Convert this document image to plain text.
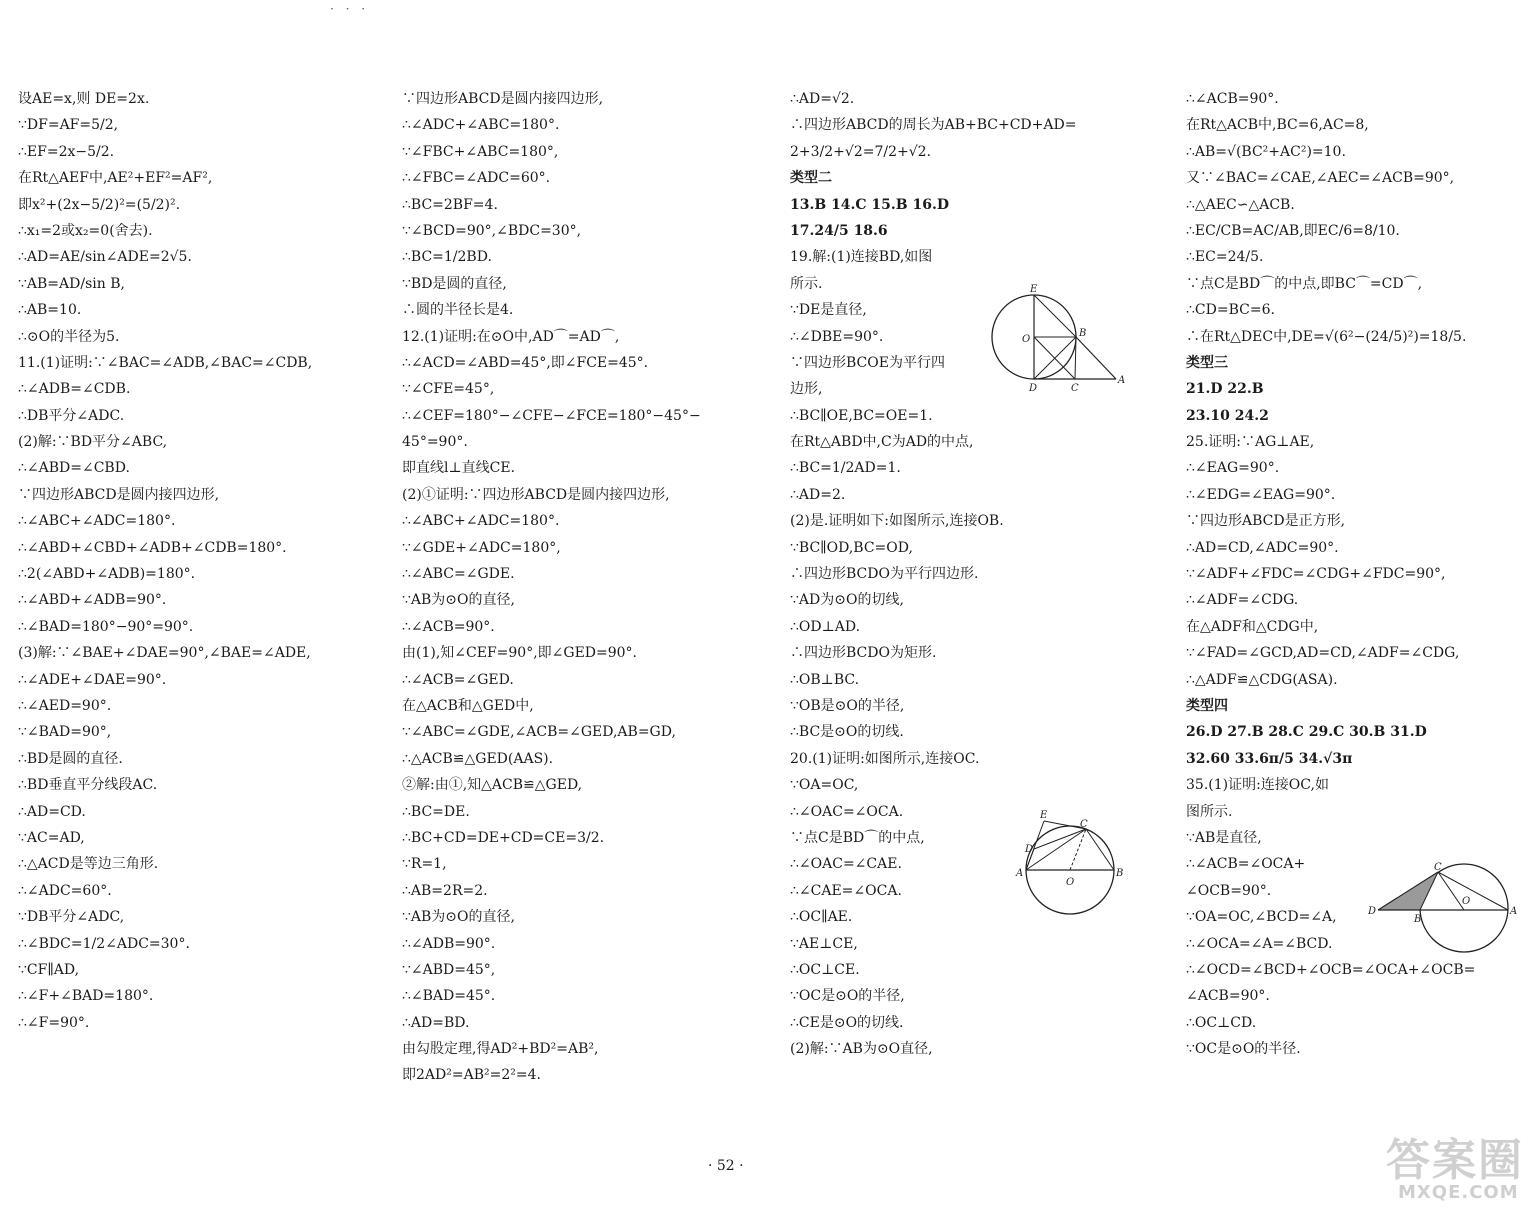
· · ·
设AE=x,则 DE=2x.
∵DF=AF=5/2,
∴EF=2x−5/2.
在Rt△AEF中,AE²+EF²=AF²,
即x²+(2x−5/2)²=(5/2)².
∴x₁=2或x₂=0(舍去).
∴AD=AE/sin∠ADE=2√5.
∵AB=AD/sin B,
∴AB=10.
∴⊙O的半径为5.
11.(1)证明:∵∠BAC=∠ADB,∠BAC=∠CDB,
∴∠ADB=∠CDB.
∴DB平分∠ADC.
(2)解:∵BD平分∠ABC,
∴∠ABD=∠CBD.
∵四边形ABCD是圆内接四边形,
∴∠ABC+∠ADC=180°.
∴∠ABD+∠CBD+∠ADB+∠CDB=180°.
∴2(∠ABD+∠ADB)=180°.
∴∠ABD+∠ADB=90°.
∴∠BAD=180°−90°=90°.
(3)解:∵∠BAE+∠DAE=90°,∠BAE=∠ADE,
∴∠ADE+∠DAE=90°.
∴∠AED=90°.
∵∠BAD=90°,
∴BD是圆的直径.
∴BD垂直平分线段AC.
∴AD=CD.
∵AC=AD,
∴△ACD是等边三角形.
∴∠ADC=60°.
∵DB平分∠ADC,
∴∠BDC=1/2∠ADC=30°.
∵CF∥AD,
∴∠F+∠BAD=180°.
∴∠F=90°.
∵四边形ABCD是圆内接四边形,
∴∠ADC+∠ABC=180°.
∵∠FBC+∠ABC=180°,
∴∠FBC=∠ADC=60°.
∴BC=2BF=4.
∵∠BCD=90°,∠BDC=30°,
∴BC=1/2BD.
∵BD是圆的直径,
∴圆的半径长是4.
12.(1)证明:在⊙O中,AD⌒=AD⌒,
∴∠ACD=∠ABD=45°,即∠FCE=45°.
∵∠CFE=45°,
∴∠CEF=180°−∠CFE−∠FCE=180°−45°−
45°=90°.
即直线l⊥直线CE.
(2)①证明:∵四边形ABCD是圆内接四边形,
∴∠ABC+∠ADC=180°.
∵∠GDE+∠ADC=180°,
∴∠ABC=∠GDE.
∵AB为⊙O的直径,
∴∠ACB=90°.
由(1),知∠CEF=90°,即∠GED=90°.
∴∠ACB=∠GED.
在△ACB和△GED中,
∵∠ABC=∠GDE,∠ACB=∠GED,AB=GD,
∴△ACB≌△GED(AAS).
②解:由①,知△ACB≌△GED,
∴BC=DE.
∴BC+CD=DE+CD=CE=3/2.
∵R=1,
∴AB=2R=2.
∵AB为⊙O的直径,
∴∠ADB=90°.
∵∠ABD=45°,
∴∠BAD=45°.
∴AD=BD.
由勾股定理,得AD²+BD²=AB²,
即2AD²=AB²=2²=4.
∴AD=√2.
∴四边形ABCD的周长为AB+BC+CD+AD=
2+3/2+√2=7/2+√2.
类型二
13.B 14.C 15.B 16.D
17.24/5 18.6
19.解:(1)连接BD,如图
所示.
∵DE是直径,
∴∠DBE=90°.
∵四边形BCOE为平行四
边形,
∴BC∥OE,BC=OE=1.
在Rt△ABD中,C为AD的中点,
∴BC=1/2AD=1.
∴AD=2.
(2)是.证明如下:如图所示,连接OB.
∵BC∥OD,BC=OD,
∴四边形BCDO为平行四边形.
∵AD为⊙O的切线,
∴OD⊥AD.
∴四边形BCDO为矩形.
∴OB⊥BC.
∵OB是⊙O的半径,
∴BC是⊙O的切线.
20.(1)证明:如图所示,连接OC.
∵OA=OC,
∴∠OAC=∠OCA.
∵点C是BD⌒的中点,
∴∠OAC=∠CAE.
∴∠CAE=∠OCA.
∴OC∥AE.
∵AE⊥CE,
∴OC⊥CE.
∵OC是⊙O的半径,
∴CE是⊙O的切线.
(2)解:∵AB为⊙O直径,
∴∠ACB=90°.
在Rt△ACB中,BC=6,AC=8,
∴AB=√(BC²+AC²)=10.
又∵∠BAC=∠CAE,∠AEC=∠ACB=90°,
∴△AEC∽△ACB.
∴EC/CB=AC/AB,即EC/6=8/10.
∴EC=24/5.
∵点C是BD⌒的中点,即BC⌒=CD⌒,
∴CD=BC=6.
∴在Rt△DEC中,DE=√(6²−(24/5)²)=18/5.
类型三
21.D 22.B
23.10 24.2
25.证明:∵AG⊥AE,
∴∠EAG=90°.
∴∠EDG=∠EAG=90°.
∵四边形ABCD是正方形,
∴AD=CD,∠ADC=90°.
∵∠ADF+∠FDC=∠CDG+∠FDC=90°,
∴∠ADF=∠CDG.
在△ADF和△CDG中,
∵∠FAD=∠GCD,AD=CD,∠ADF=∠CDG,
∴△ADF≌△CDG(ASA).
类型四
26.D 27.B 28.C 29.C 30.B 31.D
32.60 33.6π/5 34.√3π
35.(1)证明:连接OC,如
图所示.
∵AB是直径,
∴∠ACB=∠OCA+
∠OCB=90°.
∵OA=OC,∠BCD=∠A,
∴∠OCA=∠A=∠BCD.
∴∠OCD=∠BCD+∠OCB=∠OCA+∠OCB=
∠ACB=90°.
∴OC⊥CD.
∵OC是⊙O的半径.
E
B
O
D	C
A
E
C
D
A
O
B
C
D
B
O
A
· 52 ·	答案圈
MXQE.COM
